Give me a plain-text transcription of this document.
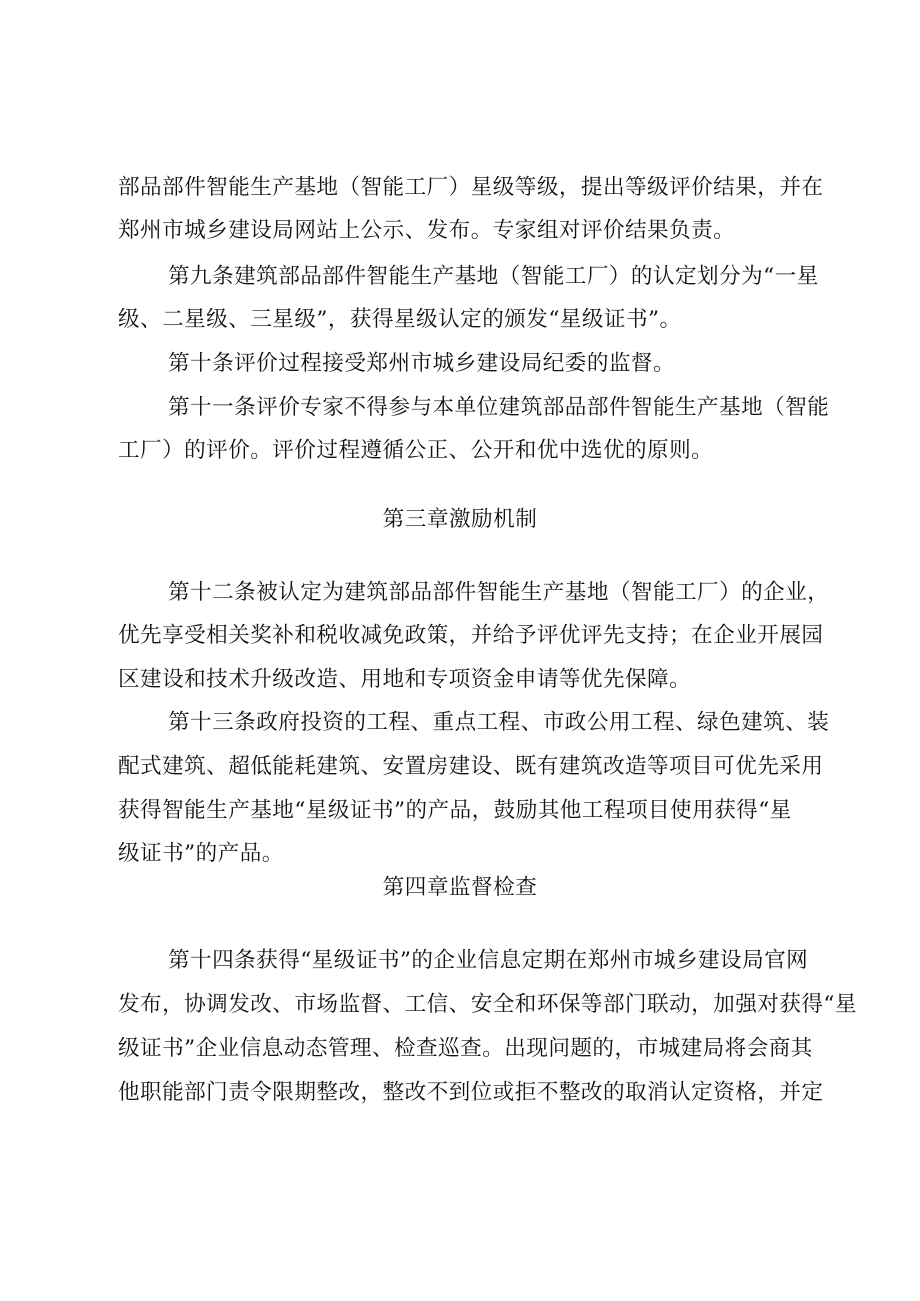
部品部件智能生产基地（智能工厂）星级等级，提出等级评价结果，并在
郑州市城乡建设局网站上公示、发布。专家组对评价结果负责。
第九条建筑部品部件智能生产基地（智能工厂）的认定划分为“一星
级、二星级、三星级”，获得星级认定的颁发“星级证书”。
第十条评价过程接受郑州市城乡建设局纪委的监督。
第十一条评价专家不得参与本单位建筑部品部件智能生产基地（智能
工厂）的评价。评价过程遵循公正、公开和优中选优的原则。
第三章激励机制
第十二条被认定为建筑部品部件智能生产基地（智能工厂）的企业，
优先享受相关奖补和税收减免政策，并给予评优评先支持；在企业开展园
区建设和技术升级改造、用地和专项资金申请等优先保障。
第十三条政府投资的工程、重点工程、市政公用工程、绿色建筑、装
配式建筑、超低能耗建筑、安置房建设、既有建筑改造等项目可优先采用
获得智能生产基地“星级证书”的产品，鼓励其他工程项目使用获得“星
级证书”的产品。
第四章监督检查
第十四条获得“星级证书”的企业信息定期在郑州市城乡建设局官网
发布，协调发改、市场监督、工信、安全和环保等部门联动，加强对获得“星
级证书”企业信息动态管理、检查巡查。出现问题的，市城建局将会商其
他职能部门责令限期整改，整改不到位或拒不整改的取消认定资格，并定
